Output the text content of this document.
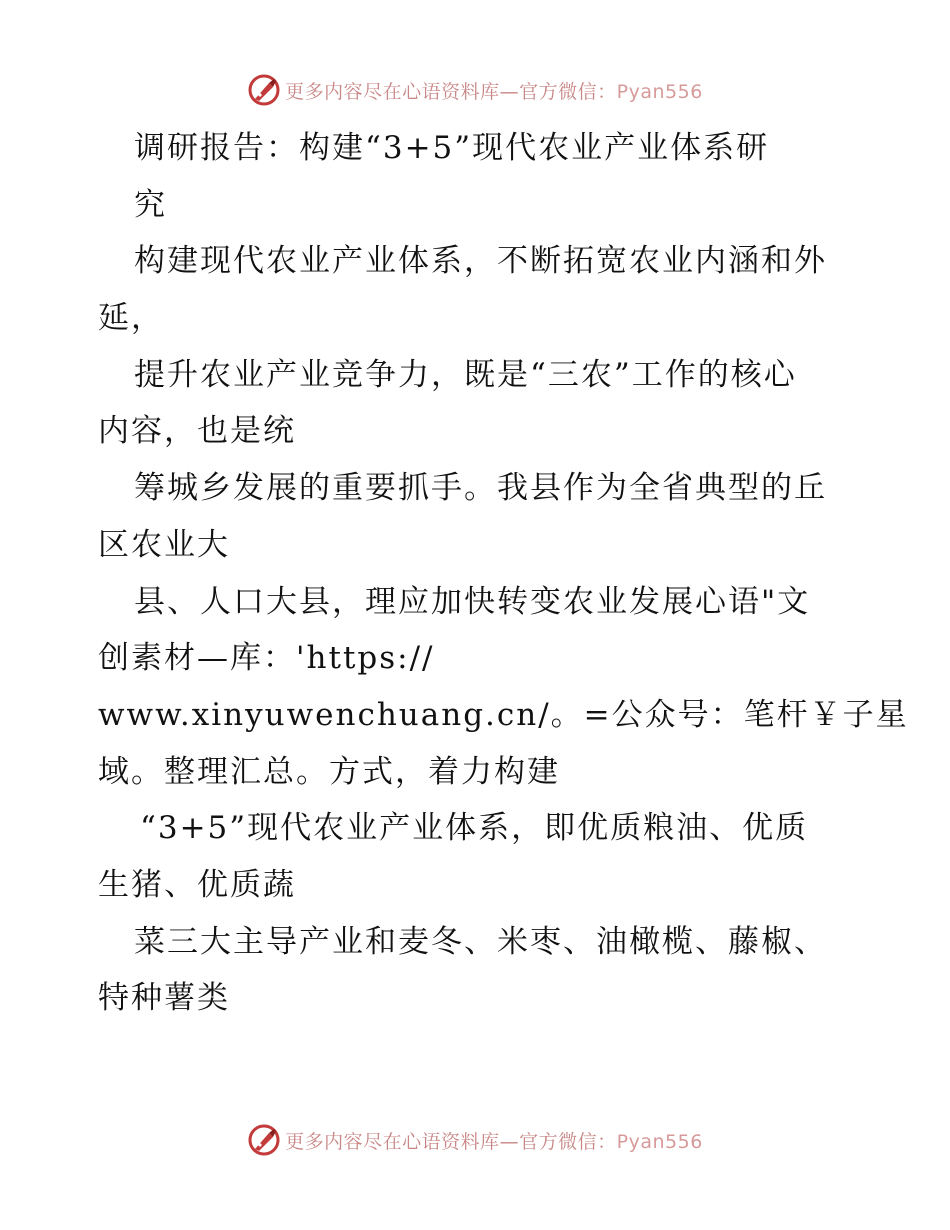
更多内容尽在心语资料库—官方微信：Pyan556
调研报告：构建“3+5”现代农业产业体系研
究
构建现代农业产业体系，不断拓宽农业内涵和外
延，
提升农业产业竞争力，既是“三农”工作的核心
内容，也是统
筹城乡发展的重要抓手。我县作为全省典型的丘
区农业大
县、人口大县，理应加快转变农业发展心语"文
创素材—库：'https://
www.xinyuwenchuang.cn/。=公众号：笔杆￥子星
域。整理汇总。方式，着力构建
“3+5”现代农业产业体系，即优质粮油、优质
生猪、优质蔬
菜三大主导产业和麦冬、米枣、油橄榄、藤椒、
特种薯类
更多内容尽在心语资料库—官方微信：Pyan556
